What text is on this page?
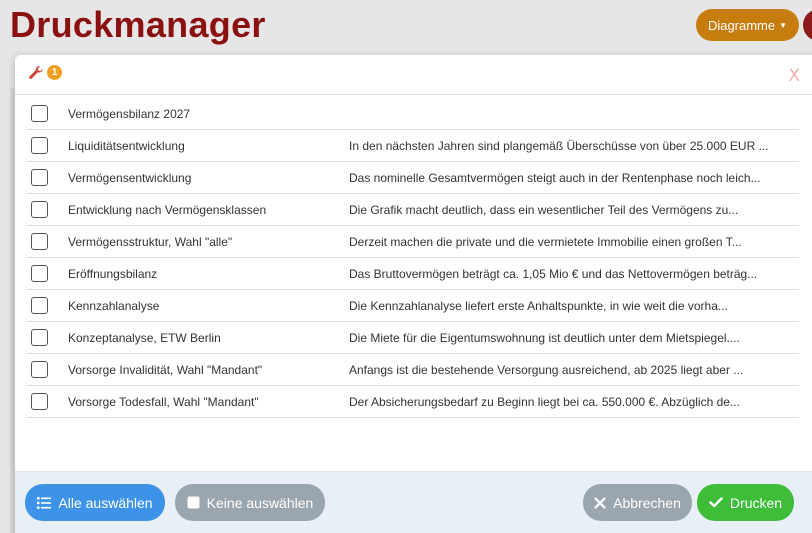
Druckmanager	Diagramme ▼
1	X
Vermögensbilanz 2027
Liquiditätsentwicklung	In den nächsten Jahren sind plangemäß Überschüsse von über 25.000 EUR ...
Vermögensentwicklung	Das nominelle Gesamtvermögen steigt auch in der Rentenphase noch leich...
Entwicklung nach Vermögensklassen	Die Grafik macht deutlich, dass ein wesentlicher Teil des Vermögens zu...
Vermögensstruktur, Wahl "alle"	Derzeit machen die private und die vermietete Immobilie einen großen T...
Eröffnungsbilanz	Das Bruttovermögen beträgt ca. 1,05 Mio € und das Nettovermögen beträg...
Kennzahlanalyse	Die Kennzahlanalyse liefert erste Anhaltspunkte, in wie weit die vorha...
Konzeptanalyse, ETW Berlin	Die Miete für die Eigentumswohnung ist deutlich unter dem Mietspiegel....
Vorsorge Invalidität, Wahl "Mandant"	Anfangs ist die bestehende Versorgung ausreichend, ab 2025 liegt aber ...
Vorsorge Todesfall, Wahl "Mandant"	Der Absicherungsbedarf zu Beginn liegt bei ca. 550.000 €. Abzüglich de...
Alle auswählen	Keine auswählen	Abbrechen	Drucken
